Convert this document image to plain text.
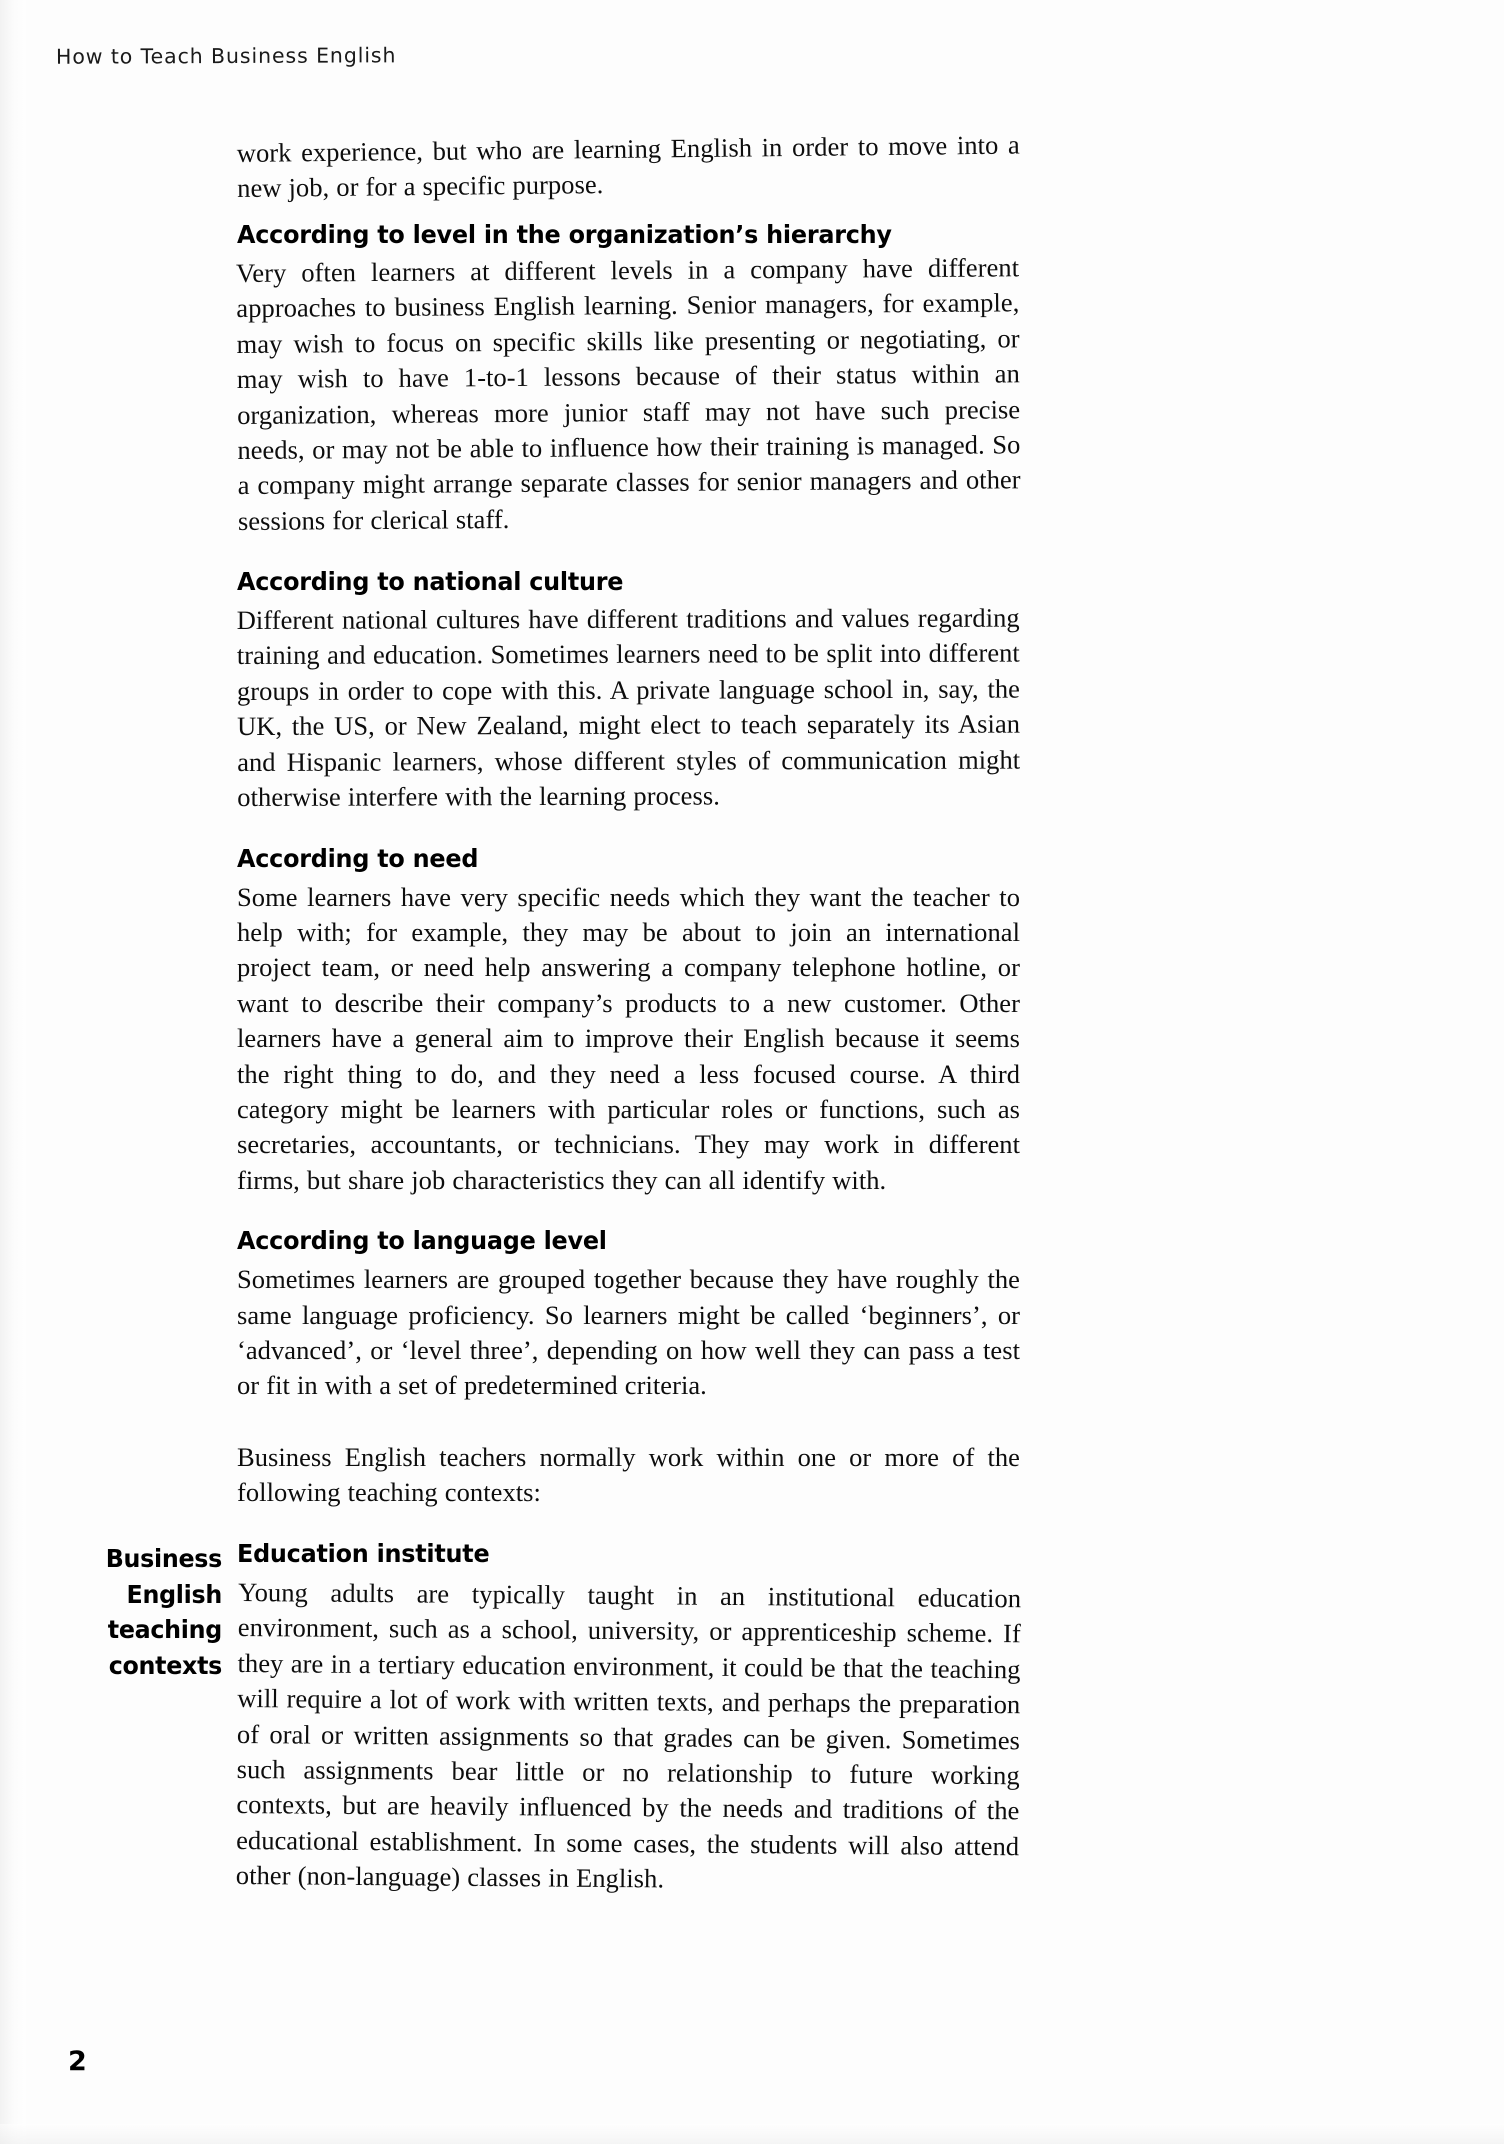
How to Teach Business English

work experience, but who are learning English in order to move into a new job, or for a specific purpose.

According to level in the organization’s hierarchy

Very often learners at different levels in a company have different approaches to business English learning. Senior managers, for example, may wish to focus on specific skills like presenting or negotiating, or may wish to have 1-to-1 lessons because of their status within an organization, whereas more junior staff may not have such precise needs, or may not be able to influence how their training is managed. So a company might arrange separate classes for senior managers and other sessions for clerical staff.

According to national culture

Different national cultures have different traditions and values regarding training and education. Sometimes learners need to be split into different groups in order to cope with this. A private language school in, say, the UK, the US, or New Zealand, might elect to teach separately its Asian and Hispanic learners, whose different styles of communication might otherwise interfere with the learning process.

According to need

Some learners have very specific needs which they want the teacher to help with; for example, they may be about to join an international project team, or need help answering a company telephone hotline, or want to describe their company’s products to a new customer. Other learners have a general aim to improve their English because it seems the right thing to do, and they need a less focused course. A third category might be learners with particular roles or functions, such as secretaries, accountants, or technicians. They may work in different firms, but share job characteristics they can all identify with.

According to language level

Sometimes learners are grouped together because they have roughly the same language proficiency. So learners might be called ‘beginners’, or ‘advanced’, or ‘level three’, depending on how well they can pass a test or fit in with a set of predetermined criteria.

Business English teachers normally work within one or more of the following teaching contexts:

Education institute

Young adults are typically taught in an institutional education environment, such as a school, university, or apprenticeship scheme. If they are in a tertiary education environment, it could be that the teaching will require a lot of work with written texts, and perhaps the preparation of oral or written assignments so that grades can be given. Sometimes such assignments bear little or no relationship to future working contexts, but are heavily influenced by the needs and traditions of the educational establishment. In some cases, the students will also attend other (non-language) classes in English.

Business
English
teaching
contexts
2
